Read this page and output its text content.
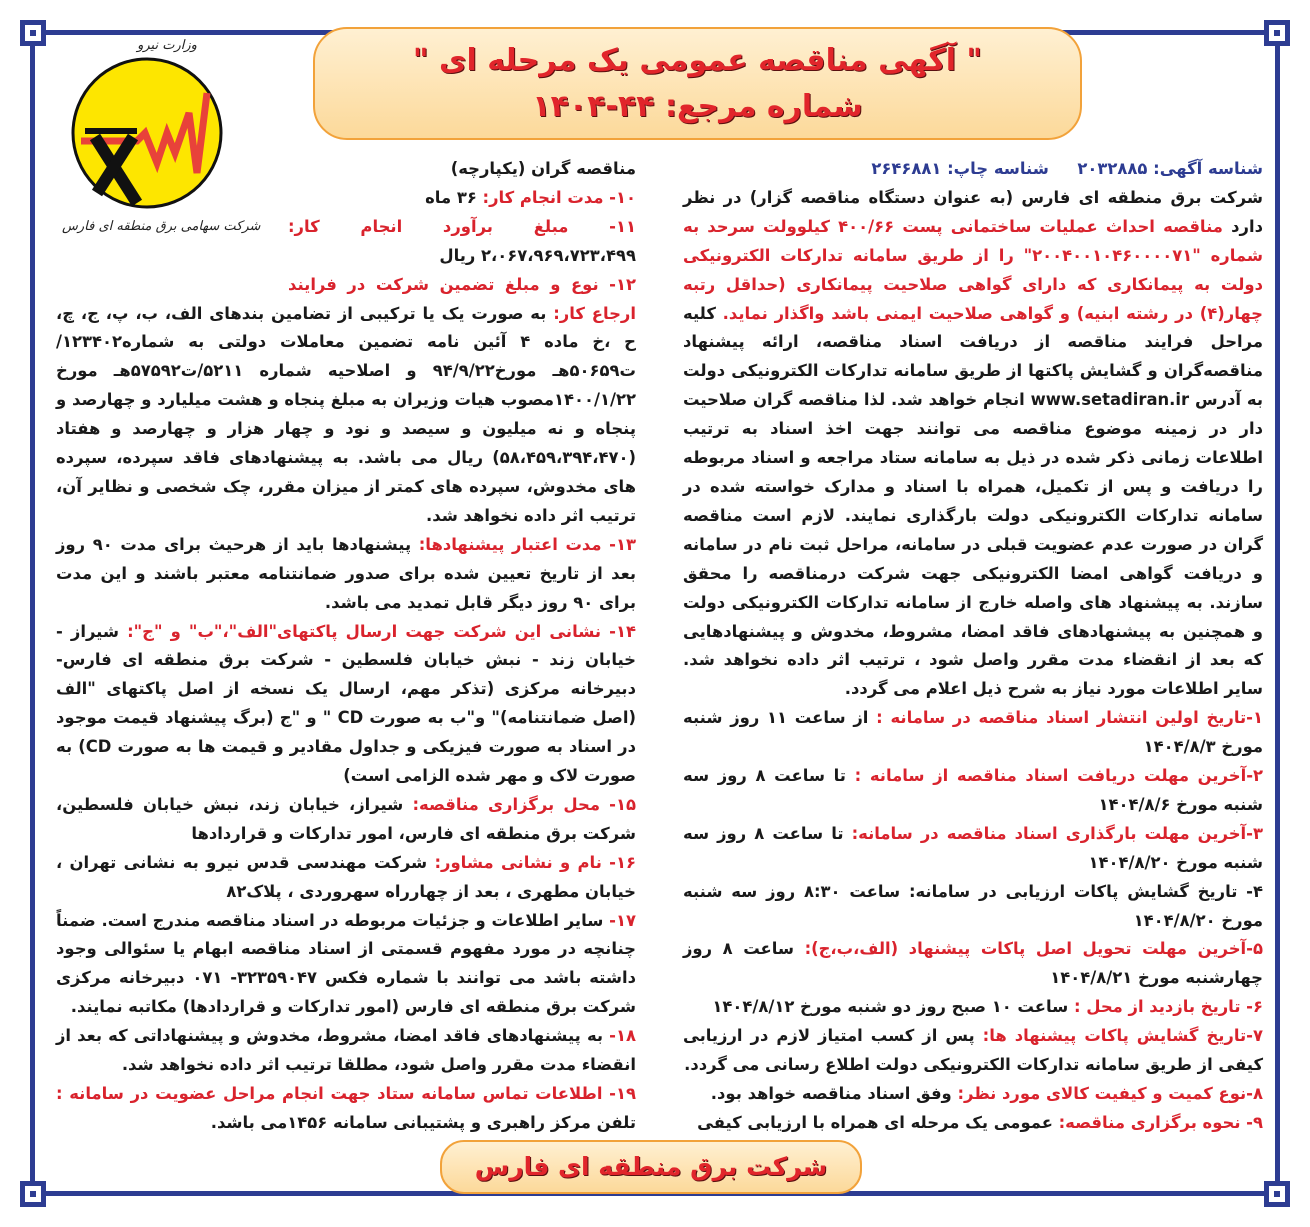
" آگهی مناقصه عمومی یک مرحله ای "
شماره مرجع: ۴۴-۱۴۰۴
وزارت نیرو
شرکت سهامی برق منطقه ای فارس

شناسه آگهی: ۲۰۳۲۸۸۵     شناسه چاپ: ۲۶۴۶۸۸۱

شرکت برق منطقه ای فارس (به عنوان دستگاه مناقصه گزار) در نظر دارد مناقصه احداث عملیات ساختمانی پست ۴۰۰/۶۶ کیلوولت سرحد به شماره "۲۰۰۴۰۰۱۰۴۶۰۰۰۰۷۱" را از طریق سامانه تدارکات الکترونیکی دولت به پیمانکاری که دارای گواهی صلاحیت پیمانکاری (حداقل رتبه چهار(۴) در رشته ابنیه) و گواهی صلاحیت ایمنی باشد واگذار نماید. کلیه مراحل فرایند مناقصه از دریافت اسناد مناقصه، ارائه پیشنهاد مناقصه‌گران و گشایش پاکتها از طریق سامانه تدارکات الکترونیکی دولت به آدرس www.setadiran.ir انجام خواهد شد. لذا مناقصه گران صلاحیت دار در زمینه موضوع مناقصه می توانند جهت اخذ اسناد به ترتیب اطلاعات زمانی ذکر شده در ذیل به سامانه ستاد مراجعه و اسناد مربوطه را دریافت و پس از تکمیل، همراه با اسناد و مدارک خواسته شده در سامانه تدارکات الکترونیکی دولت بارگذاری نمایند. لازم است مناقصه گران در صورت عدم عضویت قبلی در سامانه، مراحل ثبت نام در سامانه و دریافت گواهی امضا الکترونیکی جهت شرکت درمناقصه را محقق سازند. به پیشنهاد های واصله خارج از سامانه تدارکات الکترونیکی دولت و همچنین به پیشنهادهای فاقد امضا، مشروط، مخدوش و پیشنهادهایی که بعد از انقضاء مدت مقرر واصل شود ، ترتیب اثر داده نخواهد شد. سایر اطلاعات مورد نیاز به شرح ذیل اعلام می گردد.

۱-تاریخ اولین انتشار اسناد مناقصه در سامانه : از ساعت ۱۱ روز شنبه مورخ ۱۴۰۴/۸/۳

۲-آخرین مهلت دریافت اسناد مناقصه از سامانه : تا ساعت ۸ روز سه شنبه مورخ ۱۴۰۴/۸/۶

۳-آخرین مهلت بارگذاری اسناد مناقصه در سامانه: تا ساعت ۸ روز سه شنبه مورخ ۱۴۰۴/۸/۲۰

۴- تاریخ گشایش پاکات ارزیابی در سامانه: ساعت ۸:۳۰ روز سه شنبه مورخ ۱۴۰۴/۸/۲۰

۵-آخرین مهلت تحویل اصل پاکات پیشنهاد (الف،ب،ج): ساعت ۸ روز چهارشنبه مورخ ۱۴۰۴/۸/۲۱

۶- تاریخ بازدید از محل : ساعت ۱۰ صبح روز دو شنبه مورخ ۱۴۰۴/۸/۱۲

۷-تاریخ گشایش پاکات پیشنهاد ها: پس از کسب امتیاز لازم در ارزیابی کیفی از طریق سامانه تدارکات الکترونیکی دولت اطلاع رسانی می گردد.

۸-نوع کمیت و کیفیت کالای مورد نظر: وفق اسناد مناقصه خواهد بود.

۹- نحوه برگزاری مناقصه: عمومی یک مرحله ای همراه با ارزیابی کیفی

مناقصه گران (یکپارچه)

۱۰- مدت انجام کار: ۳۶ ماه

۱۱- مبلغ برآورد انجام کار: ۲،۰۶۷،۹۶۹،۷۲۳،۴۹۹ ریال

۱۲- نوع و مبلغ تضمین شرکت در فرایند ارجاع کار: به صورت یک یا ترکیبی از تضامین بندهای الف، ب، پ، ج، چ، ح ،خ ماده ۴ آئین نامه تضمین معاملات دولتی به شماره۱۲۳۴۰۲/ت۵۰۶۵۹هـ مورخ۹۴/۹/۲۲ و اصلاحیه شماره ۵۲۱۱/ت۵۷۵۹۲هـ مورخ ۱۴۰۰/۱/۲۲مصوب هیات وزیران به مبلغ پنجاه و هشت میلیارد و چهارصد و پنجاه و نه میلیون و سیصد و نود و چهار هزار و چهارصد و هفتاد (۵۸،۴۵۹،۳۹۴،۴۷۰) ریال می باشد. به پیشنهادهای فاقد سپرده، سپرده های مخدوش، سپرده های کمتر از میزان مقرر، چک شخصی و نظایر آن، ترتیب اثر داده نخواهد شد.

۱۳- مدت اعتبار پیشنهادها: پیشنهادها باید از هرحیث برای مدت ۹۰ روز بعد از تاریخ تعیین شده برای صدور ضمانتنامه معتبر باشند و این مدت برای ۹۰ روز دیگر قابل تمدید می باشد.

۱۴- نشانی این شرکت جهت ارسال پاکتهای"الف"،"ب" و "ج": شیراز - خیابان زند - نبش خیابان فلسطین - شرکت برق منطقه ای فارس- دبیرخانه مرکزی (تذکر مهم، ارسال یک نسخه از اصل پاکتهای "الف (اصل ضمانتنامه)" و"ب به صورت CD " و "ج (برگ پیشنهاد قیمت موجود در اسناد به صورت فیزیکی و جداول مقادیر و قیمت ها به صورت CD) به صورت لاک و مهر شده الزامی است)

۱۵- محل برگزاری مناقصه: شیراز، خیابان زند، نبش خیابان فلسطین، شرکت برق منطقه ای فارس، امور تدارکات و قراردادها

۱۶- نام و نشانی مشاور: شرکت مهندسی قدس نیرو به نشانی تهران ، خیابان مطهری ، بعد از چهارراه سهروردی ، پلاک۸۲

۱۷- سایر اطلاعات و جزئیات مربوطه در اسناد مناقصه مندرج است. ضمناً چنانچه در مورد مفهوم قسمتی از اسناد مناقصه ابهام یا سئوالی وجود داشته باشد می توانند با شماره فکس ۳۲۳۵۹۰۴۷- ۰۷۱ دبیرخانه مرکزی شرکت برق منطقه ای فارس (امور تدارکات و قراردادها) مکاتبه نمایند.

۱۸- به پیشنهادهای فاقد امضا، مشروط، مخدوش و پیشنهاداتی که بعد از انقضاء مدت مقرر واصل شود، مطلقا ترتیب اثر داده نخواهد شد.

۱۹- اطلاعات تماس سامانه ستاد جهت انجام مراحل عضویت در سامانه : تلفن مرکز راهبری و پشتیبانی سامانه ۱۴۵۶می باشد.

شرکت برق منطقه ای فارس
